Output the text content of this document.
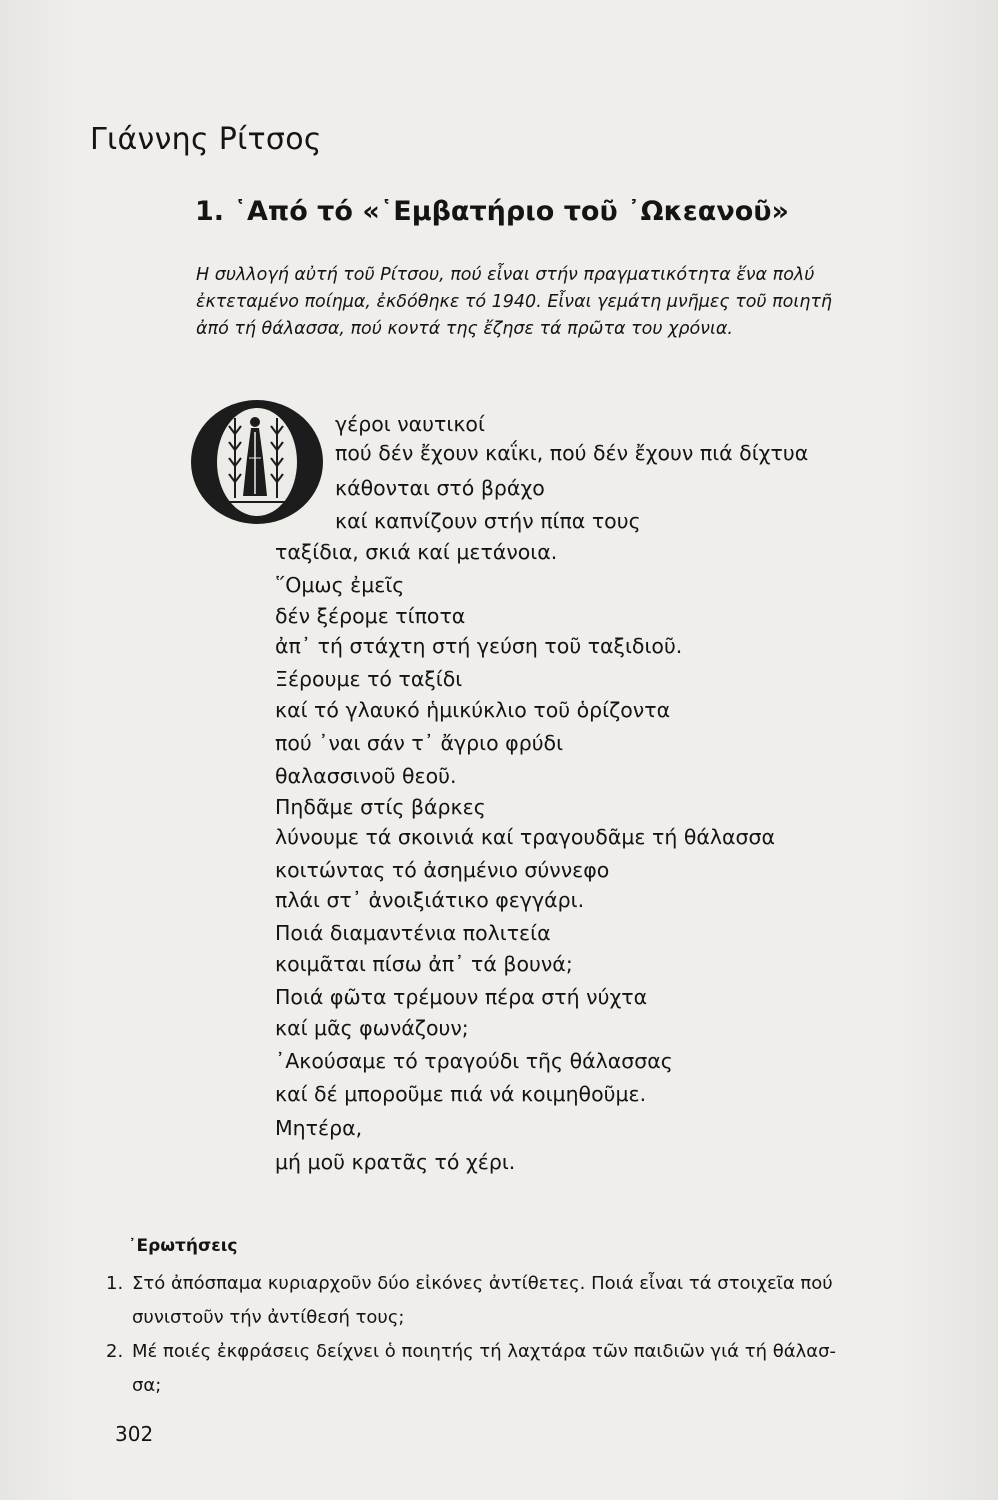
Γιάννης Ρίτσος
1. ῾Από τό «῾Εμβατήριο τοῦ ᾿Ωκεανοῦ»
Η συλλογή αὐτή τοῦ Ρίτσου, πού εἶναι στήν πραγματικότητα ἕνα πολύ
ἐκτεταμένο ποίημα, ἐκδόθηκε τό 1940. Εἶναι γεμάτη μνῆμες τοῦ ποιητῆ
ἀπό τή θάλασσα, πού κοντά της ἔζησε τά πρῶτα του χρόνια.
γέροι ναυτικοί
πού δέν ἔχουν καΐκι, πού δέν ἔχουν πιά δίχτυα
κάθονται στό βράχο
καί καπνίζουν στήν πίπα τους
ταξίδια, σκιά καί μετάνοια.
῞Ομως ἐμεῖς
δέν ξέρομε τίποτα
ἀπ᾿ τή στάχτη στή γεύση τοῦ ταξιδιοῦ.
Ξέρουμε τό ταξίδι
καί τό γλαυκό ἡμικύκλιο τοῦ ὁρίζοντα
πού ᾿ναι σάν τ᾿ ἄγριο φρύδι
θαλασσινοῦ θεοῦ.
Πηδᾶμε στίς βάρκες
λύνουμε τά σκοινιά καί τραγουδᾶμε τή θάλασσα
κοιτώντας τό ἀσημένιο σύννεφο
πλάι στ᾿ ἀνοιξιάτικο φεγγάρι.
Ποιά διαμαντένια πολιτεία
κοιμᾶται πίσω ἀπ᾿ τά βουνά;
Ποιά φῶτα τρέμουν πέρα στή νύχτα
καί μᾶς φωνάζουν;
᾿Ακούσαμε τό τραγούδι τῆς θάλασσας
καί δέ μποροῦμε πιά νά κοιμηθοῦμε.
Μητέρα,
μή μοῦ κρατᾶς τό χέρι.
᾿Ερωτήσεις
1. Στό ἀπόσπαμα κυριαρχοῦν δύο εἰκόνες ἀντίθετες. Ποιά εἶναι τά στοιχεῖα πού
συνιστοῦν τήν ἀντίθεσή τους;
2. Μέ ποιές ἐκφράσεις δείχνει ὁ ποιητής τή λαχτάρα τῶν παιδιῶν γιά τή θάλασ-
σα;
302
